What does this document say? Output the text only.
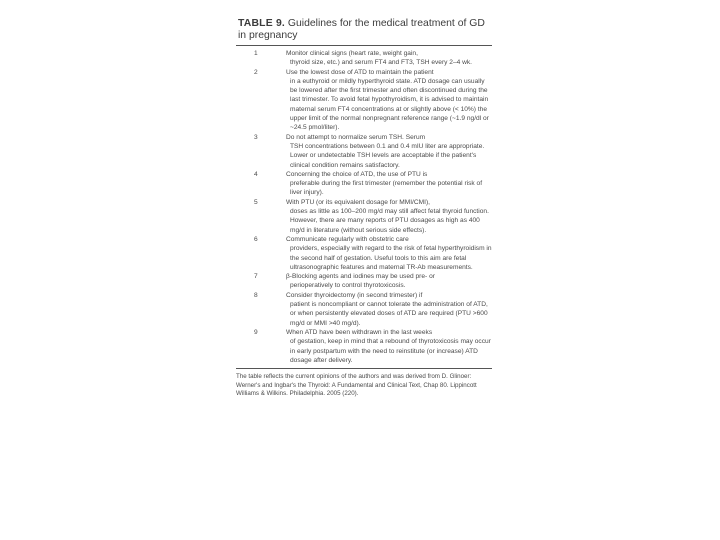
TABLE 9. Guidelines for the medical treatment of GD in pregnancy
1	Monitor clinical signs (heart rate, weight gain,
thyroid size, etc.) and serum FT4 and FT3, TSH every 2–4 wk.
2	Use the lowest dose of ATD to maintain the patient
in a euthyroid or mildly hyperthyroid state. ATD dosage can usually be lowered after the first trimester and often discontinued during the last trimester. To avoid fetal hypothyroidism, it is advised to maintain maternal serum FT4 concentrations at or slightly above (< 10%) the upper limit of the normal nonpregnant reference range (~1.9 ng/dl or ~24.5 pmol/liter).
3	Do not attempt to normalize serum TSH. Serum
TSH concentrations between 0.1 and 0.4 mIU liter are appropriate. Lower or undetectable TSH levels are acceptable if the patient's clinical condition remains satisfactory.
4	Concerning the choice of ATD, the use of PTU is
preferable during the first trimester (remember the potential risk of liver injury).
5	With PTU (or its equivalent dosage for MMI/CMI),
doses as little as 100–200 mg/d may still affect fetal thyroid function. However, there are many reports of PTU dosages as high as 400 mg/d in literature (without serious side effects).
6	Communicate regularly with obstetric care
providers, especially with regard to the risk of fetal hyperthyroidism in the second half of gestation. Useful tools to this aim are fetal ultrasonographic features and maternal TR-Ab measurements.
7	β-Blocking agents and iodines may be used pre- or
perioperatively to control thyrotoxicosis.
8	Consider thyroidectomy (in second trimester) if
patient is noncompliant or cannot tolerate the administration of ATD, or when persistently elevated doses of ATD are required (PTU >600 mg/d or MMI >40 mg/d).
9	When ATD have been withdrawn in the last weeks
of gestation, keep in mind that a rebound of thyrotoxicosis may occur in early postpartum with the need to reinstitute (or increase) ATD dosage after delivery.
The table reflects the current opinions of the authors and was derived from D. Glinoer: Werner's and Ingbar's the Thyroid: A Fundamental and Clinical Text, Chap 80. Lippincott Williams & Wilkins. Philadelphia. 2005 (220).
